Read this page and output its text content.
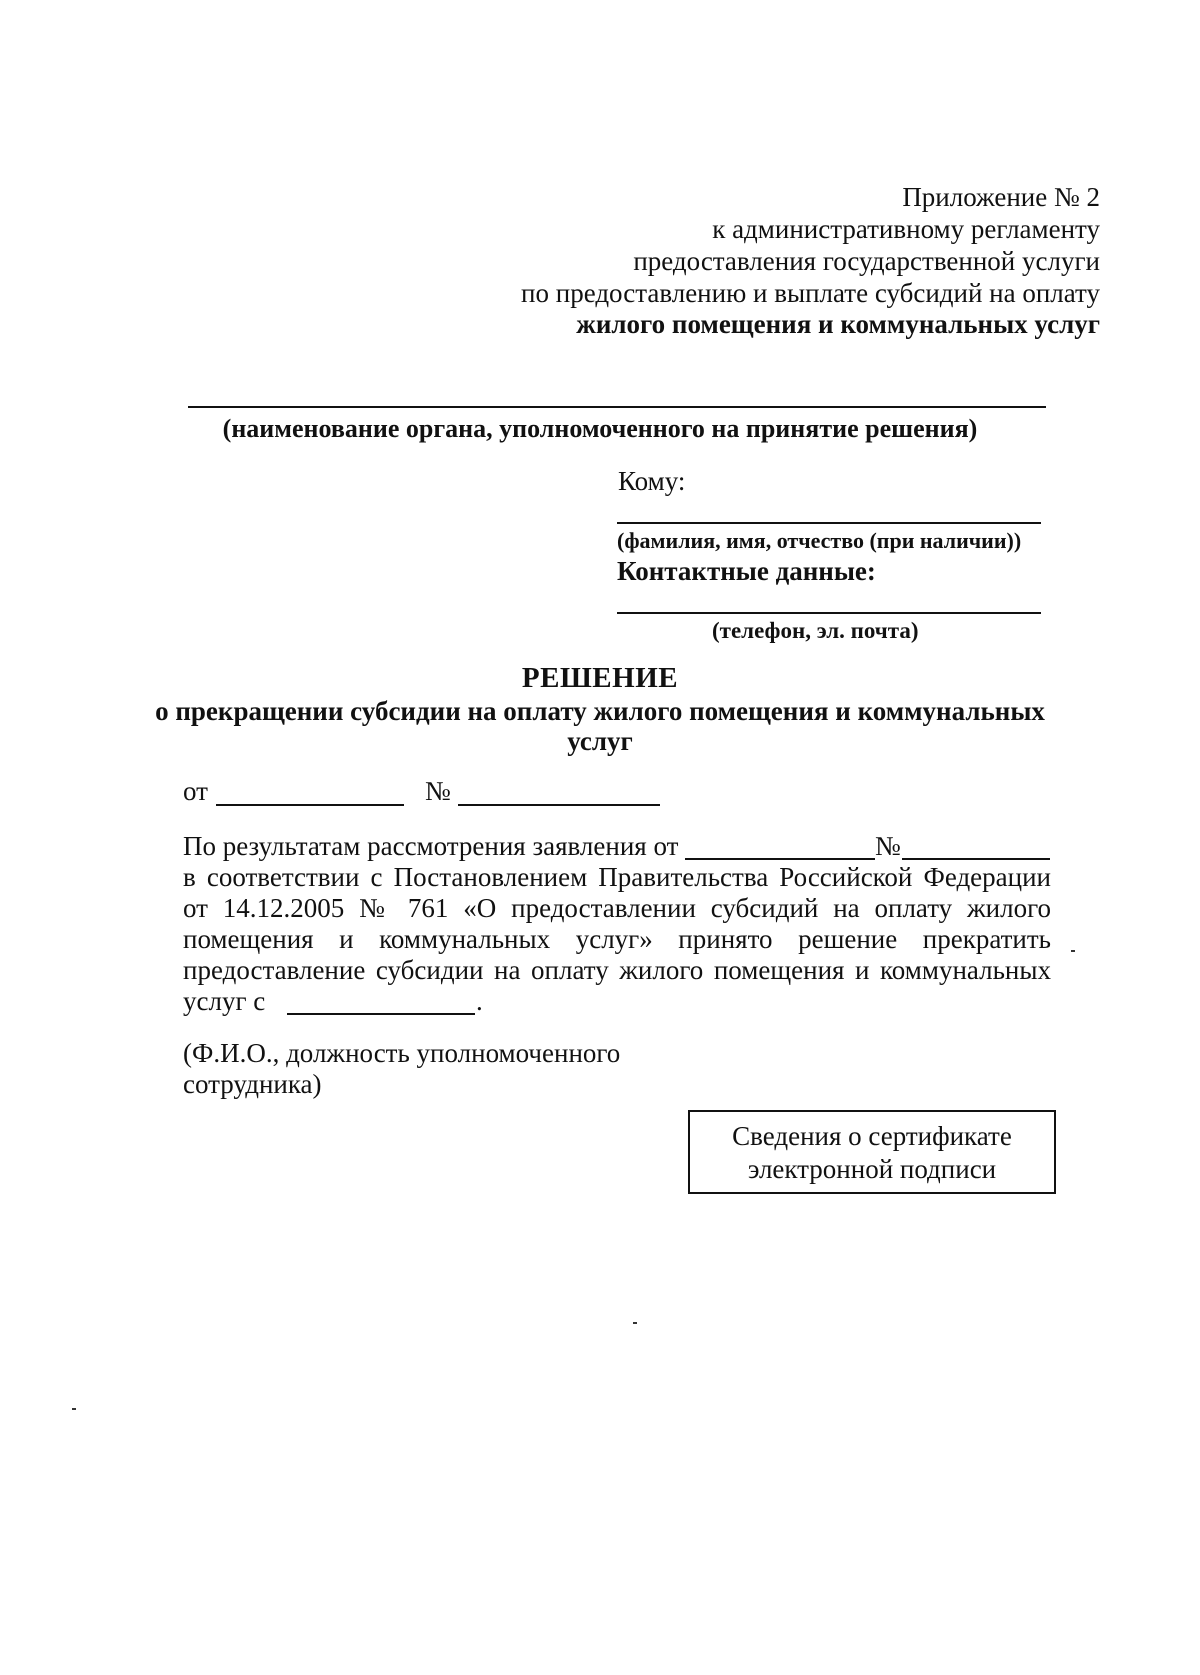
Приложение № 2
к административному регламенту
предоставления государственной услуги
по предоставлению и выплате субсидий на оплату
жилого помещения и коммунальных услуг
(наименование органа, уполномоченного на принятие решения)
Кому:
(фамилия, имя, отчество (при наличии))
Контактные данные:
(телефон, эл. почта)
РЕШЕНИЕ
о прекращении субсидии на оплату жилого помещения и коммунальных
услуг
от	№
По результатам рассмотрения заявления от	№
в соответствии с Постановлением Правительства Российской Федерации
от 14.12.2005 № 761 «О предоставлении субсидий на оплату жилого
помещения и коммунальных услуг» принято решение прекратить
предоставление субсидии на оплату жилого помещения и коммунальных
услуг с	.
(Ф.И.О., должность уполномоченного
сотрудника)
Сведения о сертификате
электронной подписи
